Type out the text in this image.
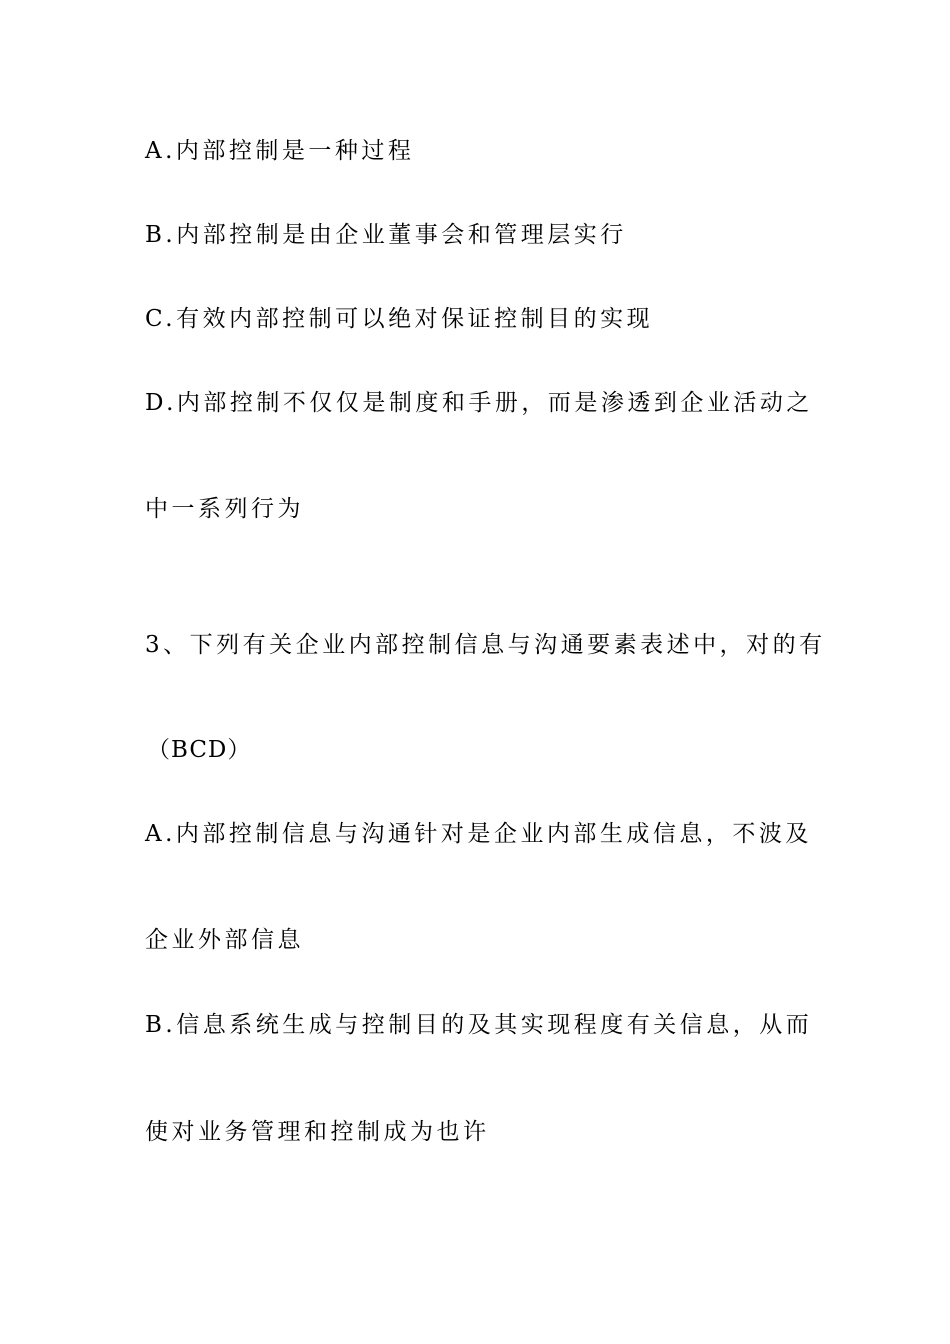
A.内部控制是一种过程
B.内部控制是由企业董事会和管理层实行
C.有效内部控制可以绝对保证控制目的实现
D.内部控制不仅仅是制度和手册，而是渗透到企业活动之
中一系列行为
3、下列有关企业内部控制信息与沟通要素表述中，对的有
（BCD）
A.内部控制信息与沟通针对是企业内部生成信息，不波及
企业外部信息
B.信息系统生成与控制目的及其实现程度有关信息，从而
使对业务管理和控制成为也许
